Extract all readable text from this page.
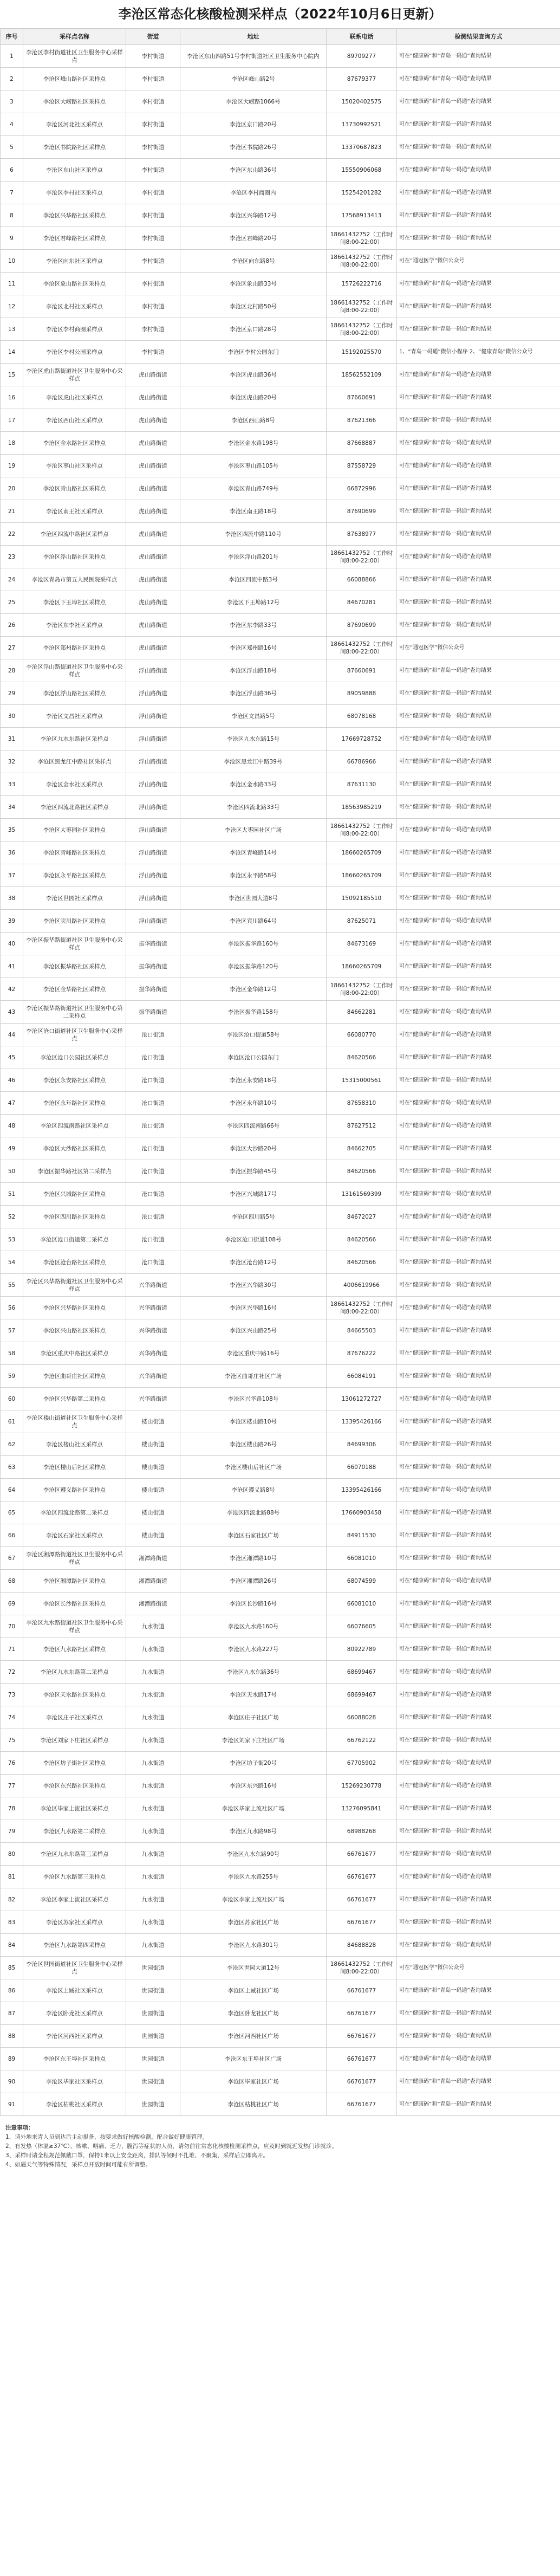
李沧区常态化核酸检测采样点（2022年10月6日更新）
序号	采样点名称	街道	地址	联系电话	检测结果查询方式
1	李沧区李村街道社区卫生服务中心采样点	李村街道	李沧区东山四路51号李村街道社区卫生服务中心院内	89709277	可在“健康码”和“青岛一码通”查询结果
2	李沧区峰山路社区采样点	李村街道	李沧区峰山路2号	87679377	可在“健康码”和“青岛一码通”查询结果
3	李沧区大崂路社区采样点	李村街道	李沧区大崂路1066号	15020402575	可在“健康码”和“青岛一码通”查询结果
4	李沧区河北社区采样点	李村街道	李沧区京口路20号	13730992521	可在“健康码”和“青岛一码通”查询结果
5	李沧区书院路社区采样点	李村街道	李沧区书院路26号	13370687823	可在“健康码”和“青岛一码通”查询结果
6	李沧区东山社区采样点	李村街道	李沧区东山路36号	15550906068	可在“健康码”和“青岛一码通”查询结果
7	李沧区李村社区采样点	李村街道	李沧区李村商圈内	15254201282	可在“健康码”和“青岛一码通”查询结果
8	李沧区兴华路社区采样点	李村街道	李沧区兴华路12号	17568913413	可在“健康码”和“青岛一码通”查询结果
9	李沧区君峰路社区采样点	李村街道	李沧区君峰路20号	18661432752（工作时间8:00-22:00）	可在“健康码”和“青岛一码通”查询结果
10	李沧区向东社区采样点	李村街道	李沧区向东路8号	18661432752（工作时间8:00-22:00）	可在“通冠医学”微信公众号
11	李沧区象山路社区采样点	李村街道	李沧区象山路33号	15726222716	可在“健康码”和“青岛一码通”查询结果
12	李沧区北村社区采样点	李村街道	李沧区北村路50号	18661432752（工作时间8:00-22:00）	可在“健康码”和“青岛一码通”查询结果
13	李沧区李村商圈采样点	李村街道	李沧区京口路28号	18661432752（工作时间8:00-22:00）	可在“健康码”和“青岛一码通”查询结果
14	李沧区李村公园采样点	李村街道	李沧区李村公园东门	15192025570	1、“青岛一码通”微信小程序 2、“健康青岛”微信公众号
15	李沧区虎山路街道社区卫生服务中心采样点	虎山路街道	李沧区虎山路36号	18562552109	可在“健康码”和“青岛一码通”查询结果
16	李沧区虎山社区采样点	虎山路街道	李沧区虎山路20号	87660691	可在“健康码”和“青岛一码通”查询结果
17	李沧区西山社区采样点	虎山路街道	李沧区西山路8号	87621366	可在“健康码”和“青岛一码通”查询结果
18	李沧区金水路社区采样点	虎山路街道	李沧区金水路198号	87668887	可在“健康码”和“青岛一码通”查询结果
19	李沧区枣山社区采样点	虎山路街道	李沧区枣山路105号	87558729	可在“健康码”和“青岛一码通”查询结果
20	李沧区青山路社区采样点	虎山路街道	李沧区青山路749号	66872996	可在“健康码”和“青岛一码通”查询结果
21	李沧区南王社区采样点	虎山路街道	李沧区南王路18号	87690699	可在“健康码”和“青岛一码通”查询结果
22	李沧区四流中路社区采样点	虎山路街道	李沧区四流中路110号	87638977	可在“健康码”和“青岛一码通”查询结果
23	李沧区浮山路社区采样点	虎山路街道	李沧区浮山路201号	18661432752（工作时间8:00-22:00）	可在“健康码”和“青岛一码通”查询结果
24	李沧区青岛市第五人民医院采样点	虎山路街道	李沧区四流中路3号	66088866	可在“健康码”和“青岛一码通”查询结果
25	李沧区下王埠社区采样点	虎山路街道	李沧区下王埠路12号	84670281	可在“健康码”和“青岛一码通”查询结果
26	李沧区东李社区采样点	虎山路街道	李沧区东李路33号	87690699	可在“健康码”和“青岛一码通”查询结果
27	李沧区郑州路社区采样点	虎山路街道	李沧区郑州路16号	18661432752（工作时间8:00-22:00）	可在“通冠医学”微信公众号
28	李沧区浮山路街道社区卫生服务中心采样点	浮山路街道	李沧区浮山路18号	87660691	可在“健康码”和“青岛一码通”查询结果
29	李沧区浮山路社区采样点	浮山路街道	李沧区浮山路36号	89059888	可在“健康码”和“青岛一码通”查询结果
30	李沧区文昌社区采样点	浮山路街道	李沧区文昌路5号	68078168	可在“健康码”和“青岛一码通”查询结果
31	李沧区九水东路社区采样点	浮山路街道	李沧区九水东路15号	17669728752	可在“健康码”和“青岛一码通”查询结果
32	李沧区黑龙江中路社区采样点	浮山路街道	李沧区黑龙江中路39号	66786966	可在“健康码”和“青岛一码通”查询结果
33	李沧区金水社区采样点	浮山路街道	李沧区金水路33号	87631130	可在“健康码”和“青岛一码通”查询结果
34	李沧区四流北路社区采样点	浮山路街道	李沧区四流北路33号	18563985219	可在“健康码”和“青岛一码通”查询结果
35	李沧区大枣园社区采样点	浮山路街道	李沧区大枣园社区广场	18661432752（工作时间8:00-22:00）	可在“健康码”和“青岛一码通”查询结果
36	李沧区青峰路社区采样点	浮山路街道	李沧区青峰路14号	18660265709	可在“健康码”和“青岛一码通”查询结果
37	李沧区永平路社区采样点	浮山路街道	李沧区永平路58号	18660265709	可在“健康码”和“青岛一码通”查询结果
38	李沧区世园社区采样点	浮山路街道	李沧区世园大道8号	15092185510	可在“健康码”和“青岛一码通”查询结果
39	李沧区宾川路社区采样点	浮山路街道	李沧区宾川路64号	87625071	可在“健康码”和“青岛一码通”查询结果
40	李沧区振华路街道社区卫生服务中心采样点	振华路街道	李沧区振华路160号	84673169	可在“健康码”和“青岛一码通”查询结果
41	李沧区振华路社区采样点	振华路街道	李沧区振华路120号	18660265709	可在“健康码”和“青岛一码通”查询结果
42	李沧区金华路社区采样点	振华路街道	李沧区金华路12号	18661432752（工作时间8:00-22:00）	可在“健康码”和“青岛一码通”查询结果
43	李沧区振华路街道社区卫生服务中心第二采样点	振华路街道	李沧区振华路158号	84662281	可在“健康码”和“青岛一码通”查询结果
44	李沧区沧口街道社区卫生服务中心采样点	沧口街道	李沧区沧口街道58号	66080770	可在“健康码”和“青岛一码通”查询结果
45	李沧区沧口公园社区采样点	沧口街道	李沧区沧口公园东门	84620566	可在“健康码”和“青岛一码通”查询结果
46	李沧区永安路社区采样点	沧口街道	李沧区永安路18号	15315000561	可在“健康码”和“青岛一码通”查询结果
47	李沧区永年路社区采样点	沧口街道	李沧区永年路10号	87658310	可在“健康码”和“青岛一码通”查询结果
48	李沧区四流南路社区采样点	沧口街道	李沧区四流南路66号	87627512	可在“健康码”和“青岛一码通”查询结果
49	李沧区大沙路社区采样点	沧口街道	李沧区大沙路20号	84662705	可在“健康码”和“青岛一码通”查询结果
50	李沧区振华路社区第二采样点	沧口街道	李沧区振华路45号	84620566	可在“健康码”和“青岛一码通”查询结果
51	李沧区兴城路社区采样点	沧口街道	李沧区兴城路17号	13161569399	可在“健康码”和“青岛一码通”查询结果
52	李沧区四川路社区采样点	沧口街道	李沧区四川路5号	84672027	可在“健康码”和“青岛一码通”查询结果
53	李沧区沧口街道第二采样点	沧口街道	李沧区沧口街道108号	84620566	可在“健康码”和“青岛一码通”查询结果
54	李沧区沧台路社区采样点	沧口街道	李沧区沧台路12号	84620566	可在“健康码”和“青岛一码通”查询结果
55	李沧区兴华路街道社区卫生服务中心采样点	兴华路街道	李沧区兴华路30号	4006619966	可在“健康码”和“青岛一码通”查询结果
56	李沧区兴华路社区采样点	兴华路街道	李沧区兴华路16号	18661432752（工作时间8:00-22:00）	可在“健康码”和“青岛一码通”查询结果
57	李沧区兴山路社区采样点	兴华路街道	李沧区兴山路25号	84665503	可在“健康码”和“青岛一码通”查询结果
58	李沧区重庆中路社区采样点	兴华路街道	李沧区重庆中路16号	87676222	可在“健康码”和“青岛一码通”查询结果
59	李沧区曲哥庄社区采样点	兴华路街道	李沧区曲哥庄社区广场	66084191	可在“健康码”和“青岛一码通”查询结果
60	李沧区兴华路第二采样点	兴华路街道	李沧区兴华路108号	13061272727	可在“健康码”和“青岛一码通”查询结果
61	李沧区楼山街道社区卫生服务中心采样点	楼山街道	李沧区楼山路10号	13395426166	可在“健康码”和“青岛一码通”查询结果
62	李沧区楼山社区采样点	楼山街道	李沧区楼山路26号	84699306	可在“健康码”和“青岛一码通”查询结果
63	李沧区楼山后社区采样点	楼山街道	李沧区楼山后社区广场	66070188	可在“健康码”和“青岛一码通”查询结果
64	李沧区遵义路社区采样点	楼山街道	李沧区遵义路8号	13395426166	可在“健康码”和“青岛一码通”查询结果
65	李沧区四流北路第二采样点	楼山街道	李沧区四流北路88号	17660903458	可在“健康码”和“青岛一码通”查询结果
66	李沧区石家社区采样点	楼山街道	李沧区石家社区广场	84911530	可在“健康码”和“青岛一码通”查询结果
67	李沧区湘潭路街道社区卫生服务中心采样点	湘潭路街道	李沧区湘潭路10号	66081010	可在“健康码”和“青岛一码通”查询结果
68	李沧区湘潭路社区采样点	湘潭路街道	李沧区湘潭路26号	68074599	可在“健康码”和“青岛一码通”查询结果
69	李沧区长沙路社区采样点	湘潭路街道	李沧区长沙路16号	66081010	可在“健康码”和“青岛一码通”查询结果
70	李沧区九水路街道社区卫生服务中心采样点	九水街道	李沧区九水路160号	66076605	可在“健康码”和“青岛一码通”查询结果
71	李沧区九水路社区采样点	九水街道	李沧区九水路227号	80922789	可在“健康码”和“青岛一码通”查询结果
72	李沧区九水东路第二采样点	九水街道	李沧区九水东路36号	68699467	可在“健康码”和“青岛一码通”查询结果
73	李沧区天水路社区采样点	九水街道	李沧区天水路17号	68699467	可在“健康码”和“青岛一码通”查询结果
74	李沧区庄子社区采样点	九水街道	李沧区庄子社区广场	66088028	可在“健康码”和“青岛一码通”查询结果
75	李沧区刘家下庄社区采样点	九水街道	李沧区刘家下庄社区广场	66762122	可在“健康码”和“青岛一码通”查询结果
76	李沧区坊子街社区采样点	九水街道	李沧区坊子街20号	67705902	可在“健康码”和“青岛一码通”查询结果
77	李沧区东兴路社区采样点	九水街道	李沧区东兴路16号	15269230778	可在“健康码”和“青岛一码通”查询结果
78	李沧区毕家上流社区采样点	九水街道	李沧区毕家上流社区广场	13276095841	可在“健康码”和“青岛一码通”查询结果
79	李沧区九水路第二采样点	九水街道	李沧区九水路98号	68988268	可在“健康码”和“青岛一码通”查询结果
80	李沧区九水东路第三采样点	九水街道	李沧区九水东路90号	66761677	可在“健康码”和“青岛一码通”查询结果
81	李沧区九水路第三采样点	九水街道	李沧区九水路255号	66761677	可在“健康码”和“青岛一码通”查询结果
82	李沧区李家上流社区采样点	九水街道	李沧区李家上流社区广场	66761677	可在“健康码”和“青岛一码通”查询结果
83	李沧区苏家社区采样点	九水街道	李沧区苏家社区广场	66761677	可在“健康码”和“青岛一码通”查询结果
84	李沧区九水路第四采样点	九水街道	李沧区九水路301号	84688828	可在“健康码”和“青岛一码通”查询结果
85	李沧区世园街道社区卫生服务中心采样点	世园街道	李沧区世园大道12号	18661432752（工作时间8:00-22:00）	可在“通冠医学”微信公众号
86	李沧区上臧社区采样点	世园街道	李沧区上臧社区广场	66761677	可在“健康码”和“青岛一码通”查询结果
87	李沧区卧龙社区采样点	世园街道	李沧区卧龙社区广场	66761677	可在“健康码”和“青岛一码通”查询结果
88	李沧区河西社区采样点	世园街道	李沧区河西社区广场	66761677	可在“健康码”和“青岛一码通”查询结果
89	李沧区东王埠社区采样点	世园街道	李沧区东王埠社区广场	66761677	可在“健康码”和“青岛一码通”查询结果
90	李沧区毕家社区采样点	世园街道	李沧区毕家社区广场	66761677	可在“健康码”和“青岛一码通”查询结果
91	李沧区枯桃社区采样点	世园街道	李沧区枯桃社区广场	66761677	可在“健康码”和“青岛一码通”查询结果
注意事项：
1、请外地来青人员到达后主动报备，按要求做好核酸检测，配合做好健康管理。
2、有发热（体温≥37℃）、咳嗽、咽痛、乏力、腹泻等症状的人员，请勿前往常态化核酸检测采样点，应及时到就近发热门诊就诊。
3、采样时请全程规范佩戴口罩，保持1米以上安全距离，排队等候时不扎堆、不聚集，采样后立即离开。
4、如遇天气等特殊情况，采样点开放时间可能有所调整。
